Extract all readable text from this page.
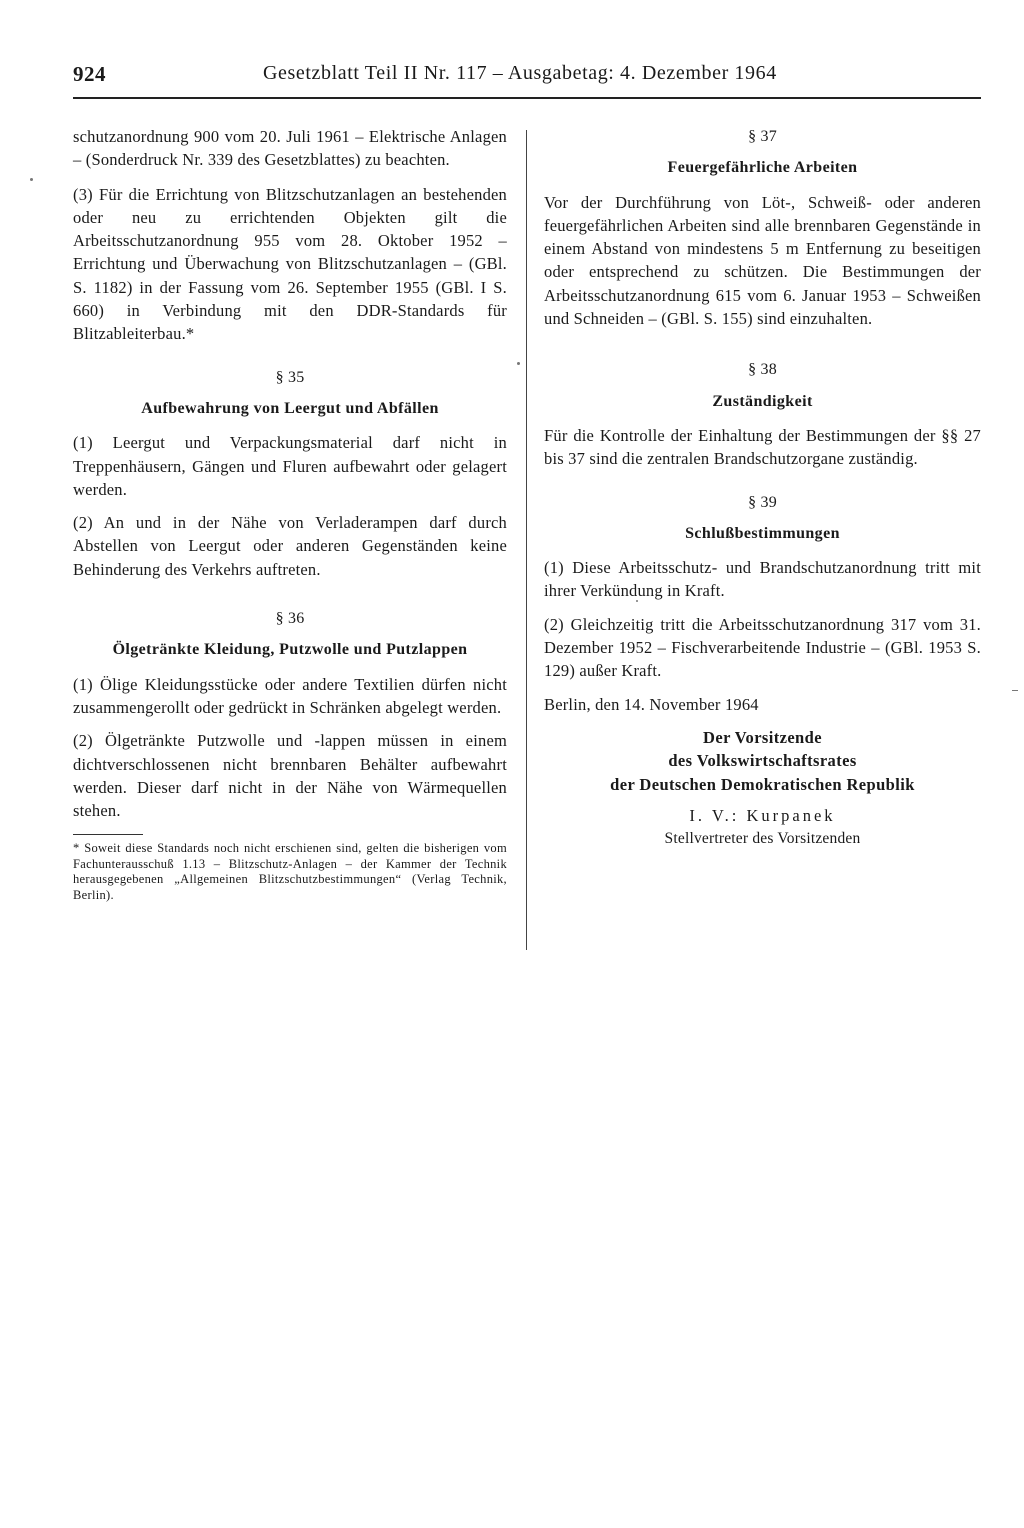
924	Gesetzblatt Teil II Nr. 117 – Ausgabetag: 4. Dezember 1964

schutzanordnung 900 vom 20. Juli 1961 – Elektrische Anlagen – (Sonderdruck Nr. 339 des Gesetzblattes) zu beachten.

(3) Für die Errichtung von Blitzschutzanlagen an bestehenden oder neu zu errichtenden Objekten gilt die Arbeitsschutzanordnung 955 vom 28. Oktober 1952 – Errichtung und Überwachung von Blitzschutzanlagen – (GBl. S. 1182) in der Fassung vom 26. September 1955 (GBl. I S. 660) in Verbindung mit den DDR-Standards für Blitzableiterbau.*

§ 35
Aufbewahrung von Leergut und Abfällen

(1) Leergut und Verpackungsmaterial darf nicht in Treppenhäusern, Gängen und Fluren aufbewahrt oder gelagert werden.

(2) An und in der Nähe von Verladerampen darf durch Abstellen von Leergut oder anderen Gegenständen keine Behinderung des Verkehrs auftreten.

§ 36
Ölgetränkte Kleidung, Putzwolle und Putzlappen

(1) Ölige Kleidungsstücke oder andere Textilien dürfen nicht zusammengerollt oder gedrückt in Schränken abgelegt werden.

(2) Ölgetränkte Putzwolle und -lappen müssen in einem dichtverschlossenen nicht brennbaren Behälter aufbewahrt werden. Dieser darf nicht in der Nähe von Wärmequellen stehen.

* Soweit diese Standards noch nicht erschienen sind, gelten die bisherigen vom Fachunterausschuß 1.13 – Blitzschutz-Anlagen – der Kammer der Technik herausgegebenen „Allgemeinen Blitzschutzbestimmungen“ (Verlag Technik, Berlin).

§ 37
Feuergefährliche Arbeiten

Vor der Durchführung von Löt-, Schweiß- oder anderen feuergefährlichen Arbeiten sind alle brennbaren Gegenstände in einem Abstand von mindestens 5 m Entfernung zu beseitigen oder entsprechend zu schützen. Die Bestimmungen der Arbeitsschutzanordnung 615 vom 6. Januar 1953 – Schweißen und Schneiden – (GBl. S. 155) sind einzuhalten.

§ 38
Zuständigkeit

Für die Kontrolle der Einhaltung der Bestimmungen der §§ 27 bis 37 sind die zentralen Brandschutzorgane zuständig.

§ 39
Schlußbestimmungen

(1) Diese Arbeitsschutz- und Brandschutzanordnung tritt mit ihrer Verkündung in Kraft.

(2) Gleichzeitig tritt die Arbeitsschutzanordnung 317 vom 31. Dezember 1952 – Fischverarbeitende Industrie – (GBl. 1953 S. 129) außer Kraft.

Berlin, den 14. November 1964

Der Vorsitzende
des Volkswirtschaftsrates
der Deutschen Demokratischen Republik
I. V.: Kurpanek
Stellvertreter des Vorsitzenden
